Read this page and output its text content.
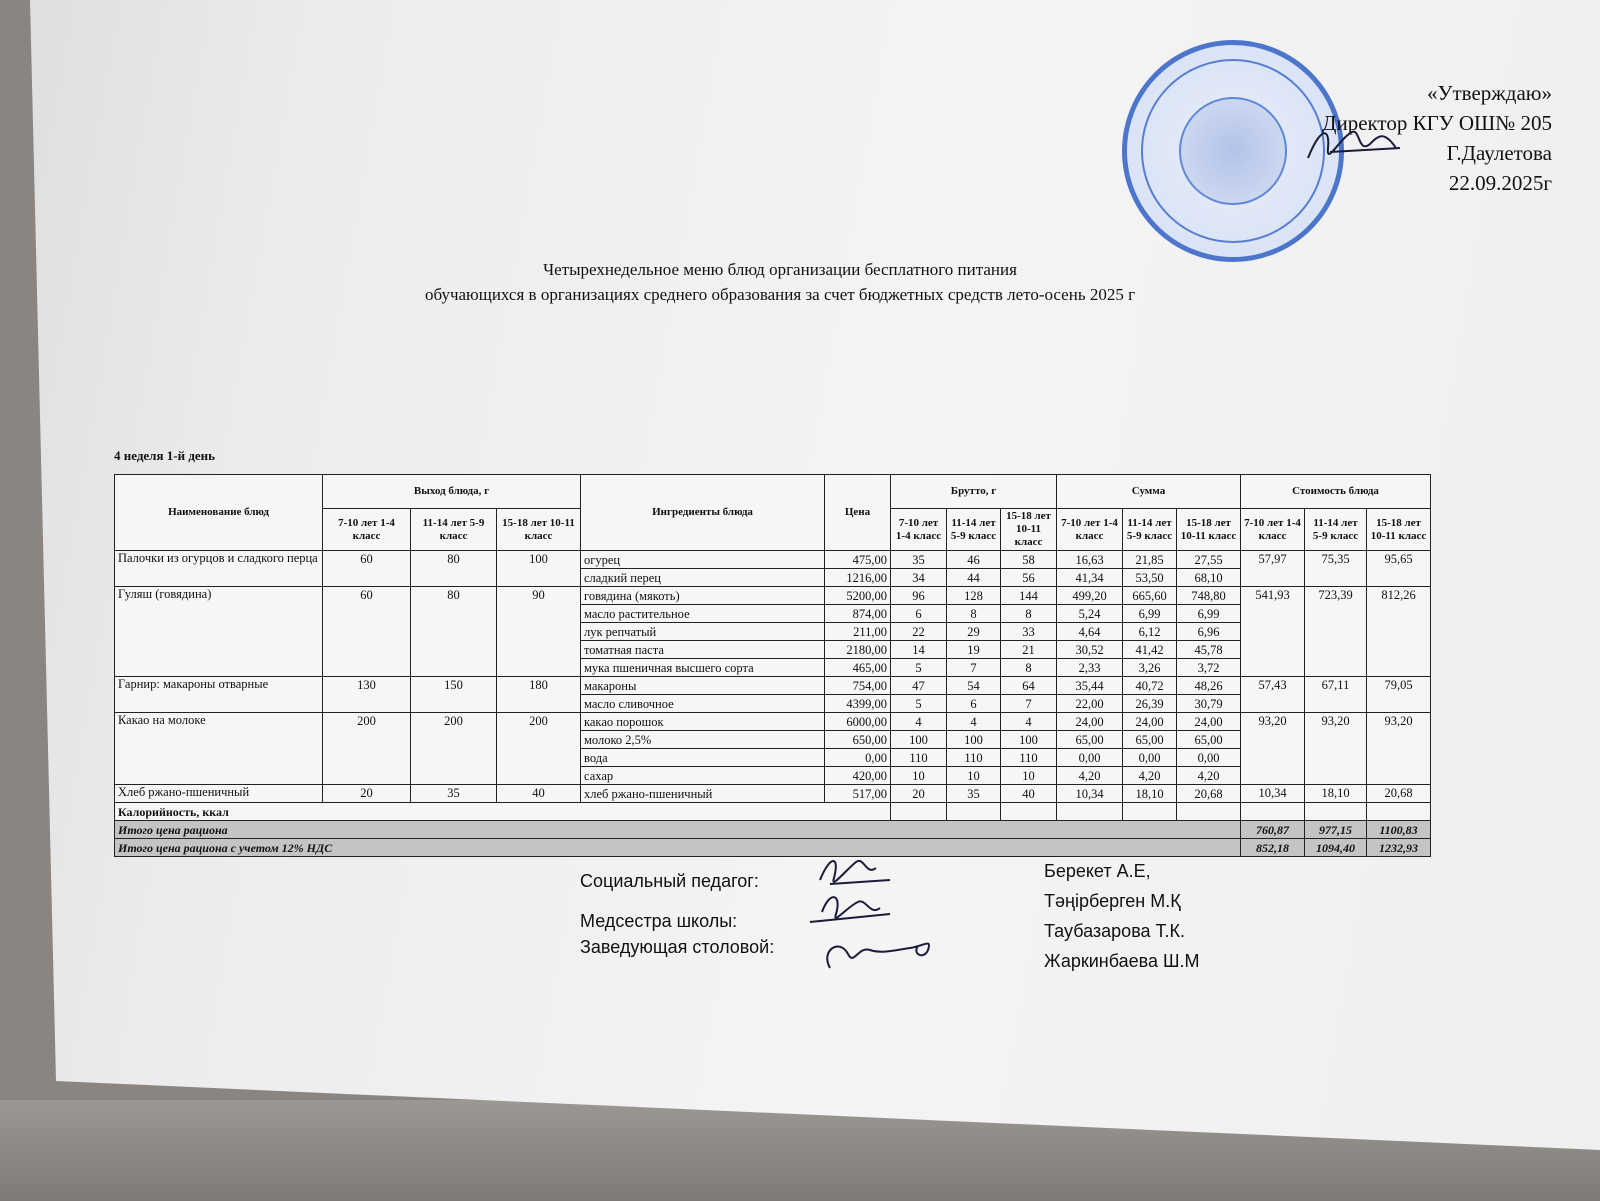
«Утверждаю»
Директор КГУ ОШ№ 205
Г.Даулетова
22.09.2025г
Четырехнедельное меню блюд организации бесплатного питания
обучающихся в организациях среднего образования за счет бюджетных средств лето-осень 2025 г
4 неделя 1-й день
Наименование блюд	Выход блюда, г			Ингредиенты блюда	Цена	Брутто, г			Сумма			Стоимость блюда		
	7-10 лет 1-4 класс	11-14 лет 5-9 класс	15-18 лет 10-11 класс			7-10 лет 1-4 класс	11-14 лет 5-9 класс	15-18 лет 10-11 класс	7-10 лет 1-4 класс	11-14 лет 5-9 класс	15-18 лет 10-11 класс	7-10 лет 1-4 класс	11-14 лет 5-9 класс	15-18 лет 10-11 класс
Палочки из огурцов и сладкого перца	60	80	100	огурец	475,00	35	46	58	16,63	21,85	27,55	57,97	75,35	95,65
				сладкий перец	1216,00	34	44	56	41,34	53,50	68,10			
Гуляш (говядина)	60	80	90	говядина (мякоть)	5200,00	96	128	144	499,20	665,60	748,80	541,93	723,39	812,26
				масло растительное	874,00	6	8	8	5,24	6,99	6,99			
				лук репчатый	211,00	22	29	33	4,64	6,12	6,96			
				томатная паста	2180,00	14	19	21	30,52	41,42	45,78			
				мука пшеничная высшего сорта	465,00	5	7	8	2,33	3,26	3,72			
Гарнир: макароны отварные	130	150	180	макароны	754,00	47	54	64	35,44	40,72	48,26	57,43	67,11	79,05
				масло сливочное	4399,00	5	6	7	22,00	26,39	30,79			
Какао на молоке	200	200	200	какао порошок	6000,00	4	4	4	24,00	24,00	24,00	93,20	93,20	93,20
				молоко 2,5%	650,00	100	100	100	65,00	65,00	65,00			
				вода	0,00	110	110	110	0,00	0,00	0,00			
				сахар	420,00	10	10	10	4,20	4,20	4,20			
Хлеб ржано-пшеничный	20	35	40	хлеб ржано-пшеничный	517,00	20	35	40	10,34	18,10	20,68	10,34	18,10	20,68
Калорийность, ккал														
Итого цена рациона												760,87	977,15	1100,83
Итого цена рациона с учетом 12% НДС												852,18	1094,40	1232,93
Социальный педагог:
Медсестра школы:
Заведующая столовой:
Берекет А.Е,
Тәңірберген М.Қ
Таубазарова Т.К.
Жаркинбаева Ш.М
